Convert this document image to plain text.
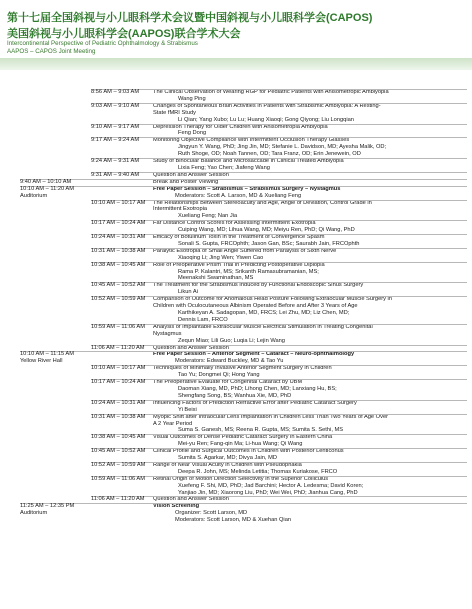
第十七届全国斜视与小儿眼科学术会议暨中国斜视与小儿眼科学会(CAPOS)
美国斜视与小儿眼科学会(AAPOS)联合学术大会
Intercontinental Perspective of Pediatric Ophthalmology & Strabismus
AAPOS – CAPOS Joint Meeting
8:56 AM – 9:03 AM	The Clinical Observation of Wearing RGP for Pediatric Patients with Anisometropic Amblyopia
Wang Ping
9:03 AM – 9:10 AM	Changes of Spontaneous Brain Activities in Patients with Strabismic Amblyopia: A Resting-
State fMRI Study
Li Qian; Yang Xubo; Lu Lu; Huang Xiaoqi; Gong Qiyong; Liu Longqian
9:10 AM – 9:17 AM	Depression Therapy for Older Children with Anisometropia Amblyopia
Feng Dong
9:17 AM – 9:24 AM	Monitoring Objective Compliance with Intermittent Occlusion Therapy Glasses
Jingyun Y. Wang, PhD; Jing Jin, MD; Stefanie L. Davidson, MD; Ayesha Malik, OD;
Ruth Shoge, OD; Noah Tannen, OD; Tara Franz, OD; Erin Jenewein, OD
9:24 AM – 9:31 AM	Study of Binocular Balance and Microsaccade in Clinical Treated Amblyopia
Lixia Feng; Yao Chen; Jiafeng Wang
9:31 AM – 9:40 AM	Question and Answer Session
9:40 AM – 10:10 AM	Break and Poster Viewing
10:10 AM – 11:20 AM
Auditorium
Free Paper Session – Strabismus – Strabismus Surgery – Nystagmus
Moderators: Scott A. Larson, MD & Xueliang Feng
10:10 AM – 10:17 AM	The Relationships Between Stereoacuity and Age, Angle of Deviation, Control Grade in
Intermittent Exotropia
Xueliang Feng; Nan Jia
10:17 AM – 10:24 AM	Far Distance Control Scores for Assessing Intermittent Exotropia
Cuiping Wang, MD; Lihua Wang, MD; Meiyu Ren, PhD; Qi Wang, PhD
10:24 AM – 10:31 AM	Efficacy of Botulinum Toxin in the Treatment of Convergence Spasm
Sonali S. Gupta, FRCOphth; Jason Gan, BSc; Saurabh Jain, FRCOphth
10:31 AM – 10:38 AM	Paralytic Esotropia of Small Angle Suffered from Paralysis of Sixth Nerve
Xiaoqing Li; Jing Wen; Yiwen Cao
10:38 AM – 10:45 AM	Role of Preoperative Prism Trial in Predicting Postoperative Diplopia
Rama P. Kalantri, MS; Srikanth Ramasubramanian, MS;
Meenakshi Swaminathan, MS
10:45 AM – 10:52 AM	The Treatment for the Strabismus Induced by Functional Endoscopic Sinus Surgery
Likun Ai
10:52 AM – 10:59 AM	Comparison of Outcome for Anomalous Head Posture Following Extraocular Muscle Surgery in
Children with Oculocutaneous Albinism Operated Before and After 3 Years of Age
Karthikeyan A. Sadagopan, MD, FRCS; Lei Zhu, MD; Liz Chen, MD;
Dennis Lam, FRCO
10:59 AM – 11:06 AM	Analysis of Implantable Extraocular Muscle Electrical Stimulation in Treating Congenital
Nystagmus
Zequn Miao; Lili Guo; Luqia Li; Lejin Wang
11:06 AM – 11:20 AM	Question and Answer Session
10:10 AM – 11:15 AM
Yellow River Hall
Free Paper Session – Anterior Segment – Cataract – Neuro-ophthalmology
Moderators: Edward Buckley, MD & Tao Yu
10:10 AM – 10:17 AM	Techniques of Minimally Invasive Anterior Segment Surgery in Children
Tao Yu; Dongmei Qi; Hong Yang
10:17 AM – 10:24 AM	The Preoperative Evaluate for Congenital Cataract by UBM
Daoman Xiang, MD, PhD; Lihong Chen, MD; Lanxiang Hu, BS;
Shengfang Song, BS; Wanhua Xie, MD, PhD
10:24 AM – 10:31 AM	Influencing Factors of Prediction Refractive Error after Pediatric Cataract Surgery
Yi Beixi
10:31 AM – 10:38 AM	Myopic Shift after Intraocular Lens Implantation in Children Less Than Two Years of Age Over
A 2 Year Period
Suma S. Ganesh, MS; Reena R. Gupta, MS; Sumita S. Sethi, MS
10:38 AM – 10:45 AM	Visual Outcomes of Dense Pediatric Cataract Surgery in Eastern China
Mei-yu Ren; Fang-qin Ma; Li-hua Wang; Qi Wang
10:45 AM – 10:52 AM	Clinical Profile and Surgical Outcomes in Children with Posterior Lenticonus
Sumita S. Agarkar, MD; Divya Jain, MD
10:52 AM – 10:59 AM	Range of Near Visual Acuity in Children with Pseudophakia
Deepa R. John, MS; Melinda Letitia; Thomas Kuriakose, FRCO
10:59 AM – 11:06 AM	Retinal Origin of Motion Direction Selectivity in the Superior Colliculus
Xuefeng F. Shi, MD, PhD; Jad Barchini; Hector A. Ledesma; David Koren;
Yanjiao Jin, MD; Xiaorong Liu, PhD; Wei Wei, PhD; Jianhua Cang, PhD
11:06 AM – 11:20 AM	Question and Answer Session
11:25 AM – 12:35 PM
Auditorium
Vision Screening
Organizer: Scott Larson, MD
Moderators: Scott Larson, MD & Xuehan Qian
